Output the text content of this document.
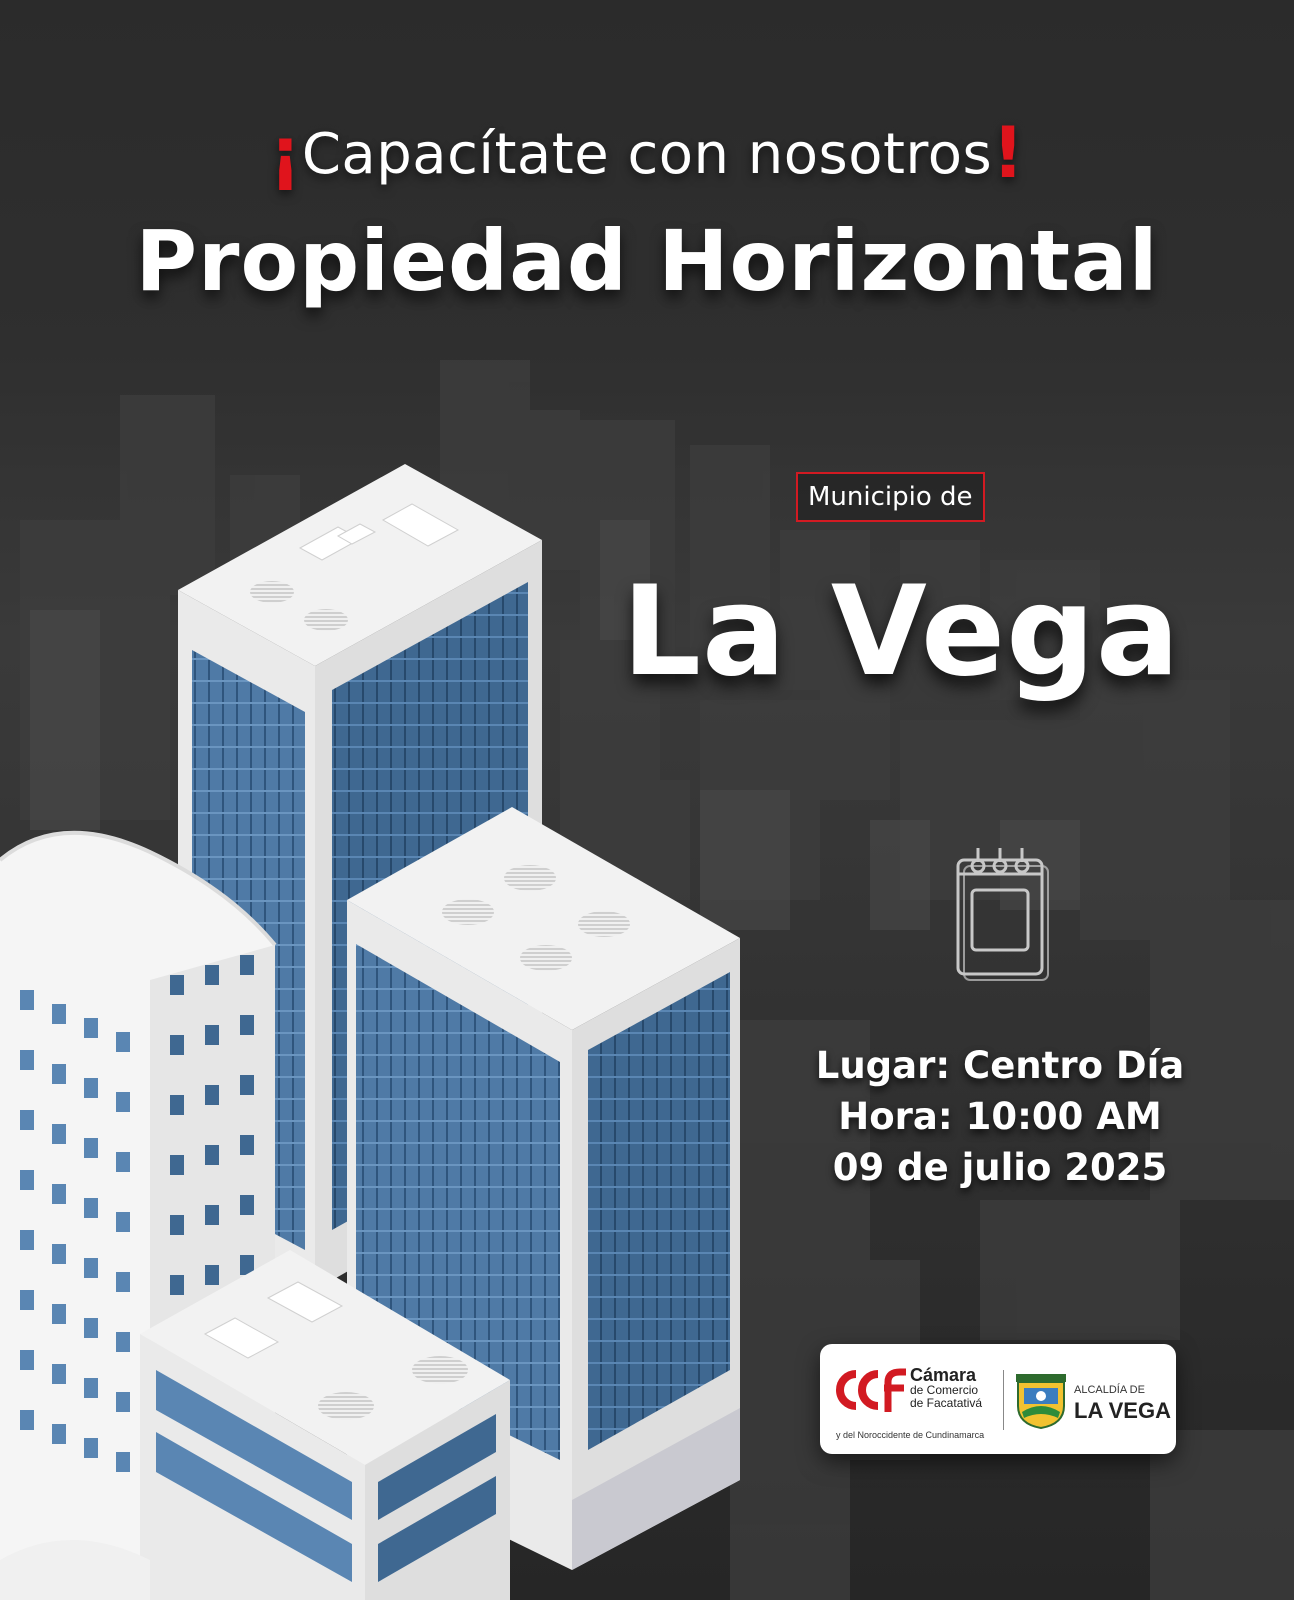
¡Capacítate con nosotros!
Propiedad Horizontal
Municipio de
La Vega
Lugar: Centro Día
Hora: 10:00 AM
09 de julio 2025
Cámara
de Comercio
de Facatativá
y del Noroccidente de Cundinamarca
ALCALDÍA DE
LA VEGA
